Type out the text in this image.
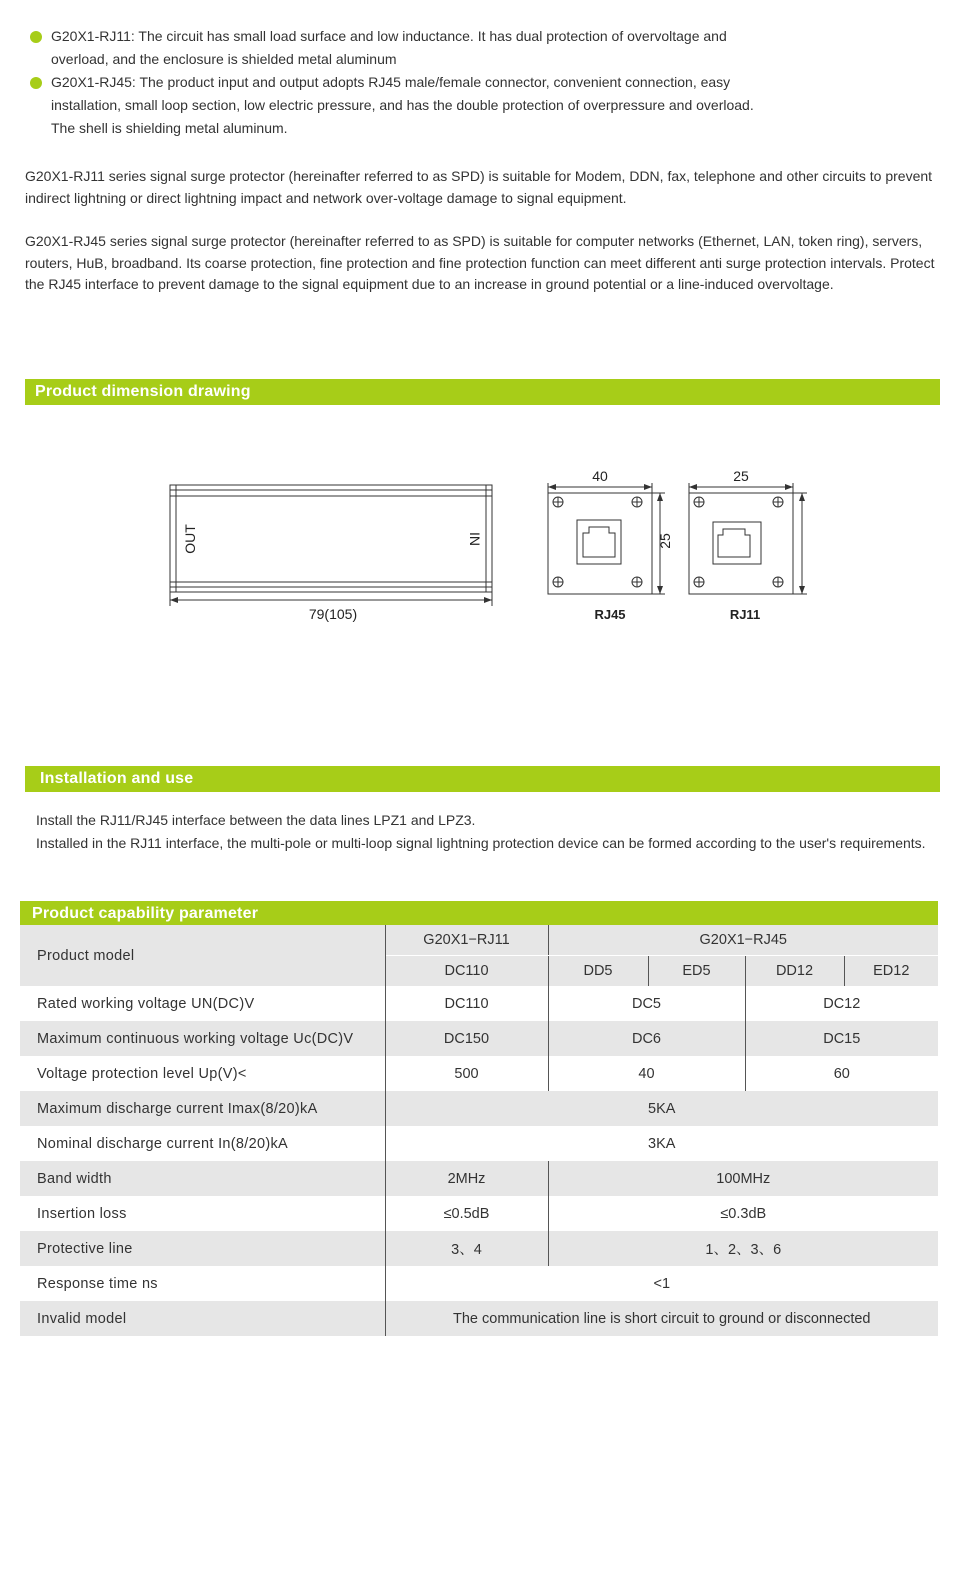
G20X1-RJ11: The circuit has small load surface and low inductance. It has dual protection of overvoltage and overload, and the enclosure is shielded metal aluminum
G20X1-RJ45: The product input and output adopts RJ45 male/female connector, convenient connection, easy installation, small loop section, low electric pressure, and has the double protection of overpressure and overload. The shell is shielding metal aluminum.
G20X1-RJ11 series signal surge protector (hereinafter referred to as SPD) is suitable for Modem, DDN, fax, telephone and other circuits to prevent indirect lightning or direct lightning impact and network over-voltage damage to signal equipment.
G20X1-RJ45 series signal surge protector (hereinafter referred to as SPD) is suitable for computer networks (Ethernet, LAN, token ring), servers, routers, HuB, broadband. Its coarse protection, fine protection and fine protection function can meet different anti surge protection intervals. Protect the RJ45 interface to prevent damage to the signal equipment due to an increase in ground potential or a line-induced overvoltage.
Product dimension drawing
OUT	IN
79(105)
40	25
25
RJ45	RJ11
Installation and use
Install the RJ11/RJ45 interface between the data lines LPZ1 and LPZ3.
Installed in the RJ11 interface, the multi-pole or multi-loop signal lightning protection device can be formed according to the user's requirements.
Product capability parameter
Product model	G20X1−RJ11	G20X1−RJ45			
	DC110	DD5	ED5	DD12	ED12
Rated working voltage UN(DC)V	DC110	DC5		DC12	
Maximum continuous working voltage Uc(DC)V	DC150	DC6		DC15	
Voltage protection level Up(V)<	500	40		60	
Maximum discharge current Imax(8/20)kA	5KA				
Nominal discharge current In(8/20)kA	3KA				
Band width	2MHz	100MHz			
Insertion loss	≤0.5dB	≤0.3dB			
Protective line	3、4	1、2、3、6			
Response time ns	<1				
Invalid model	The communication line is short circuit to ground or disconnected				
